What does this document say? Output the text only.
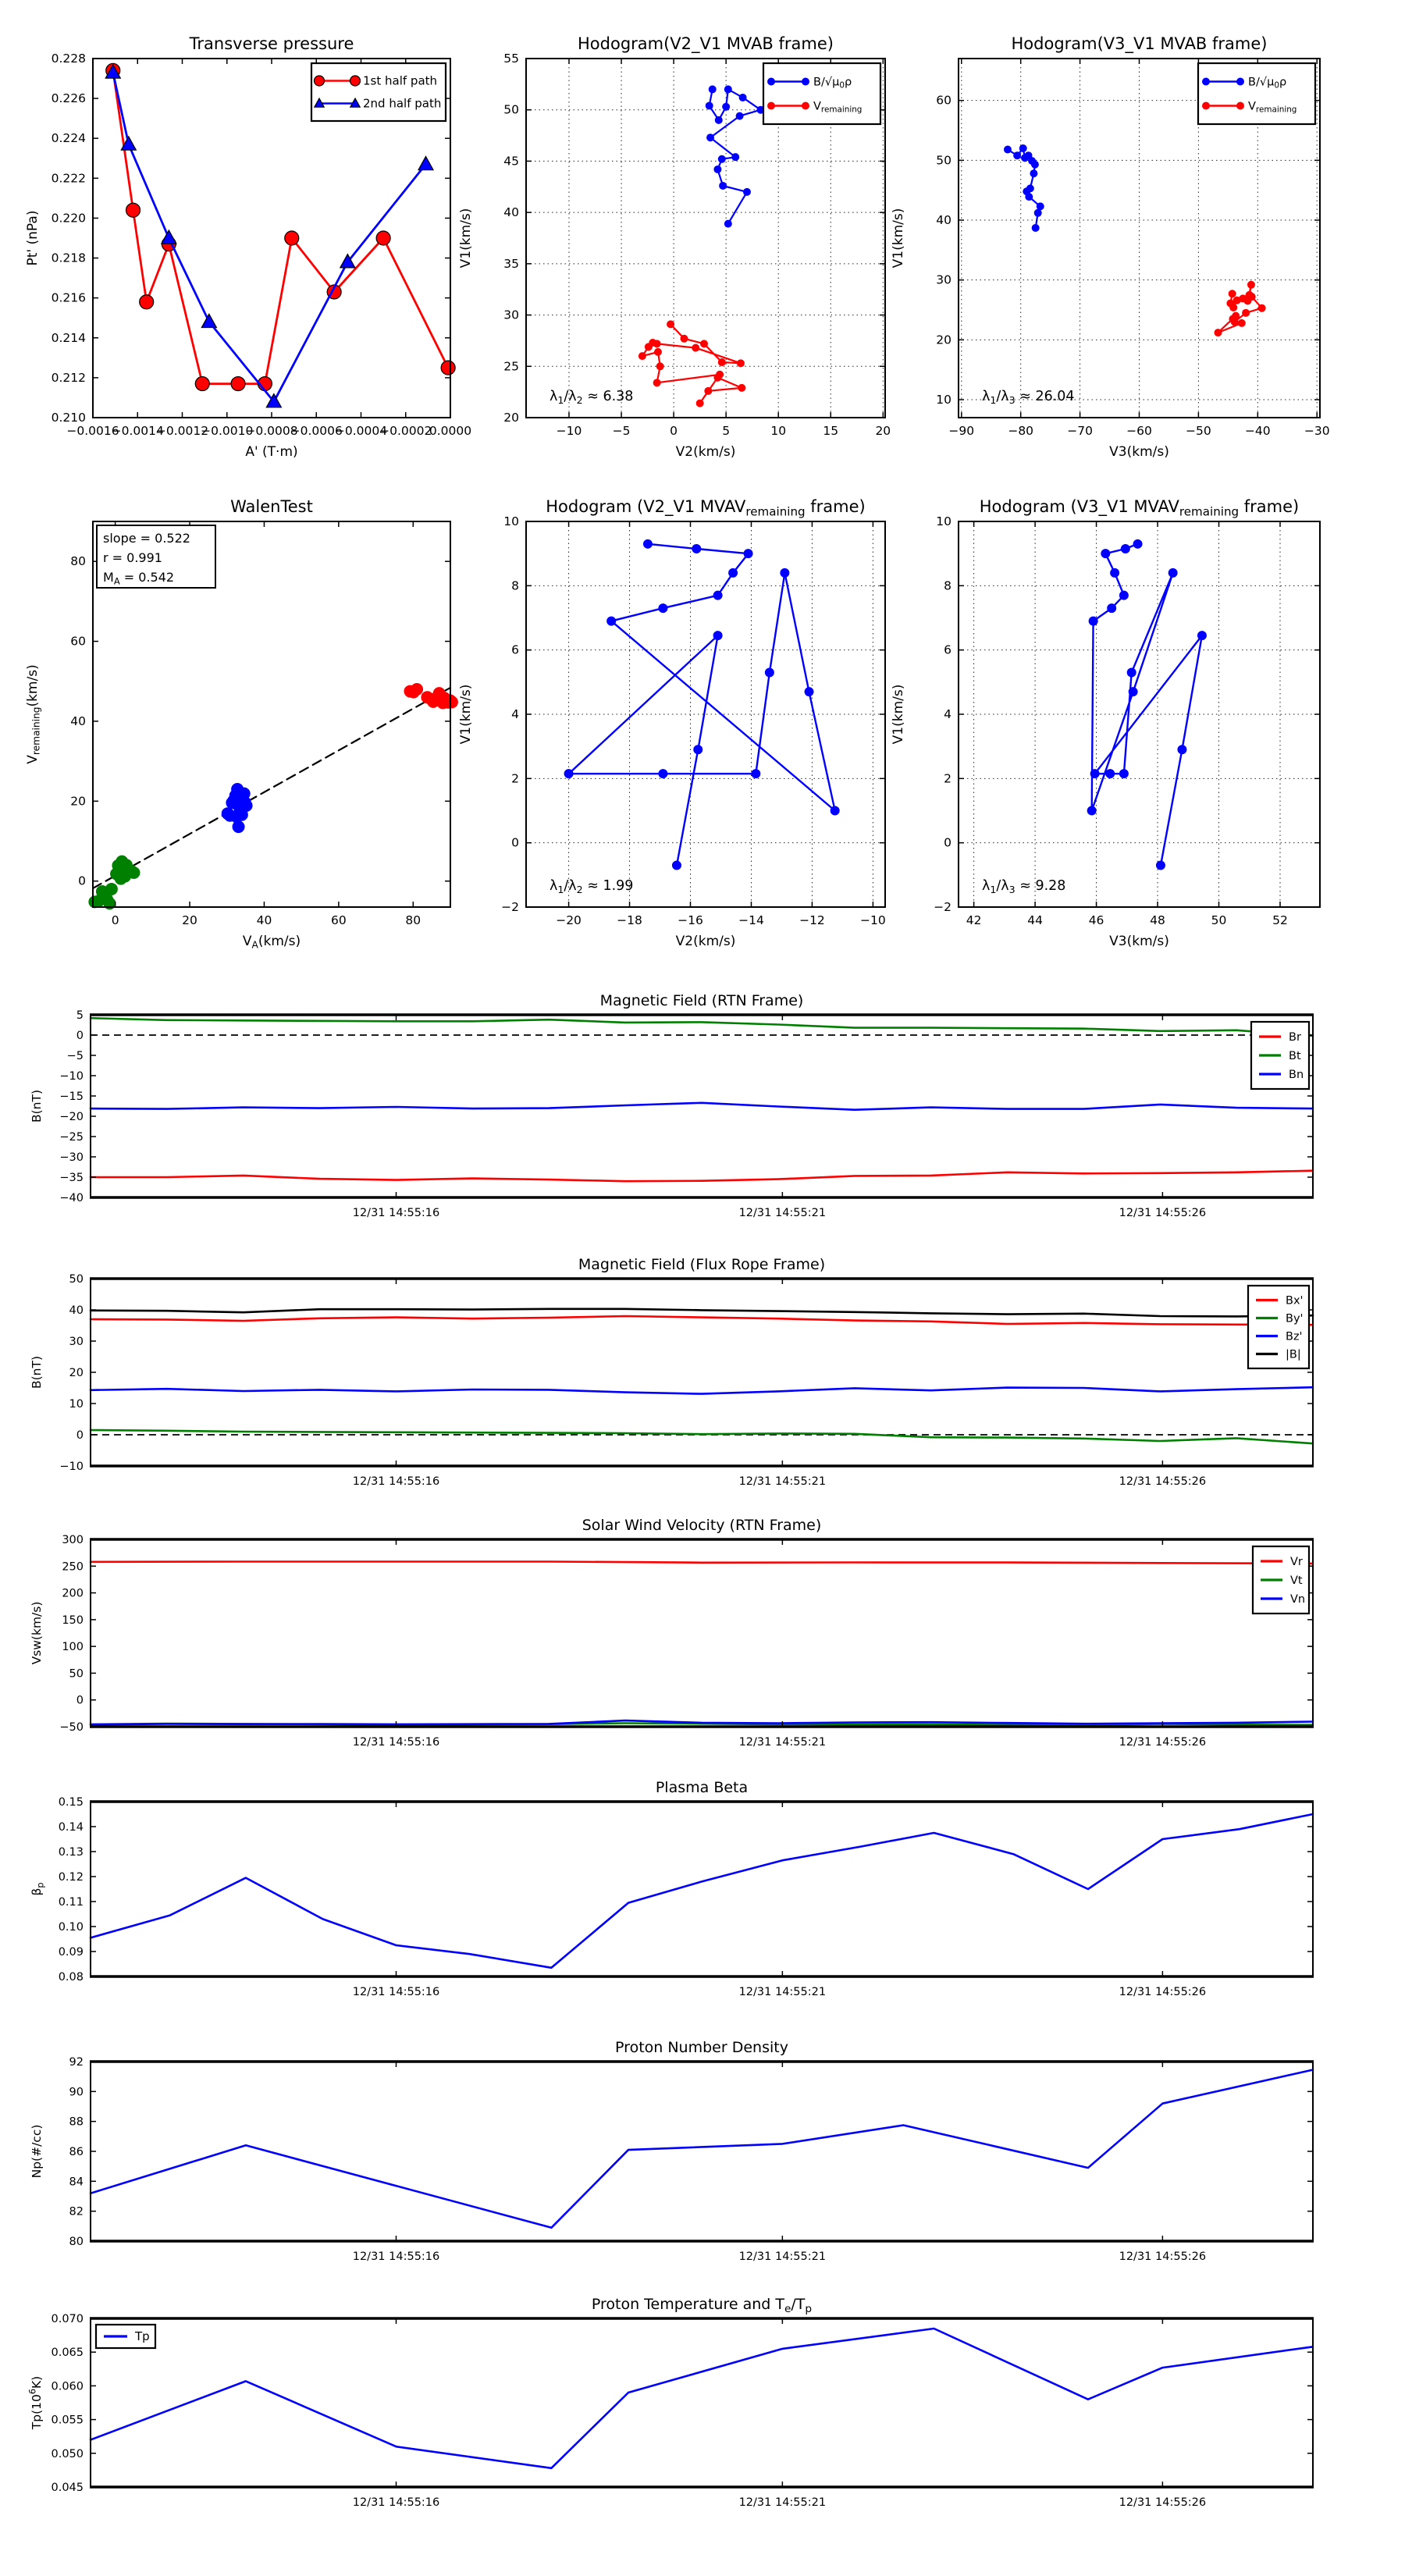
−0.0016
−0.0014
−0.0012
−0.0010
−0.0008
−0.0006
−0.0004
−0.0002
0.0000
0.210
0.212
0.214
0.216
0.218
0.220
0.222
0.224
0.226
0.228
Transverse pressure
A' (T·m)
Pt' (nPa)
1st half path
2nd half path
−10	−5	0	5	10	15	20
20
25
30
35
40
45
50
55
Hodogram(V2_V1 MVAB frame)
V2(km/s)
V1(km/s)
$\lambda_1/\lambda_2 \approx 6.38$
$B/√\mu_0\rho$
$V_{remaining}$
−90	−80	−70	−60	−50	−40	−30
10
20
30
40
50
60
Hodogram(V3_V1 MVAB frame)
V3(km/s)
V1(km/s)
$\lambda_1/\lambda_3 \approx 26.04$
$B/√\mu_0\rho$
$V_{remaining}$
0	20	40	60	80
0
20
40
60
80
WalenTest
$V_A(km/s)$
$V_{remaining}(km/s)$
slope = 0.522
r = 0.991
$M_A = 0.542$
−20	−18	−16	−14	−12	−10
−2
0
2
4
6
8
10
Hodogram (V2_V1 $MVAV_{remaining}$ frame)
V2(km/s)
V1(km/s)
$\lambda_1/\lambda_2 \approx 1.99$
42	44	46	48	50	52
−2
0
2
4
6
8
10
Hodogram (V3_V1 $MVAV_{remaining}$ frame)
V3(km/s)
V1(km/s)
$\lambda_1/\lambda_3 \approx 9.28$
12/31 14:55:16	12/31 14:55:21	12/31 14:55:26
5
0
−5
−10
−15
−20
−25
−30
−35
−40
Magnetic Field (RTN Frame)
B(nT)
Br
Bt
Bn
12/31 14:55:16	12/31 14:55:21	12/31 14:55:26
50
40
30
20
10
0
−10
Magnetic Field (Flux Rope Frame)
B(nT)
Bx'
By'
Bz'
|B|
12/31 14:55:16	12/31 14:55:21	12/31 14:55:26
300
250
200
150
100
50
0
−50
Solar Wind Velocity (RTN Frame)
Vsw(km/s)
Vr
Vt
Vn
12/31 14:55:16	12/31 14:55:21	12/31 14:55:26
0.15
0.14
0.13
0.12
0.11
0.10
0.09
0.08
Plasma Beta
$\beta_p$
12/31 14:55:16	12/31 14:55:21	12/31 14:55:26
92
90
88
86
84
82
80
Proton Number Density
Np(#/cc)
12/31 14:55:16	12/31 14:55:21	12/31 14:55:26
0.070
0.065
0.060
0.055
0.050
0.045
Proton Temperature and $T_e/T_p$
$Tp(10^6K)$
Tp
